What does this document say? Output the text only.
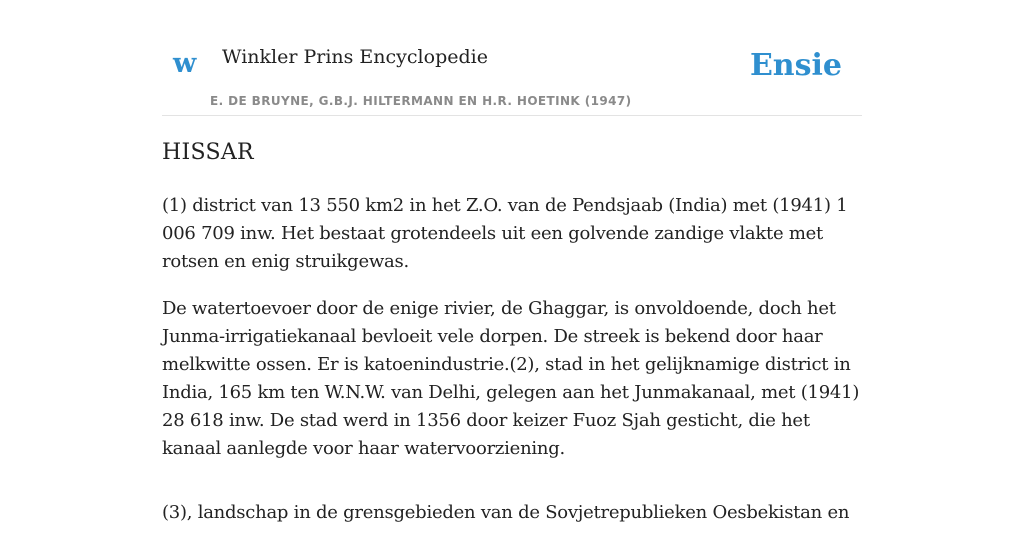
w Winkler Prins Encyclopedie
E. DE BRUYNE, G.B.J. HILTERMANN EN H.R. HOETINK (1947)
Ensie
HISSAR

(1) district van 13 550 km2 in het Z.O. van de Pendsjaab (India) met (1941) 1 006 709 inw. Het bestaat grotendeels uit een golvende zandige vlakte met rotsen en enig struikgewas.

De watertoevoer door de enige rivier, de Ghaggar, is onvoldoende, doch het Junma-irrigatiekanaal bevloeit vele dorpen. De streek is bekend door haar melkwitte ossen. Er is katoenindustrie.(2), stad in het gelijknamige district in India, 165 km ten W.N.W. van Delhi, gelegen aan het Junmakanaal, met (1941) 28 618 inw. De stad werd in 1356 door keizer Fuoz Sjah gesticht, die het kanaal aanlegde voor haar watervoorziening.

(3), landschap in de grensgebieden van de Sovjetrepublieken Oesbekistan en
